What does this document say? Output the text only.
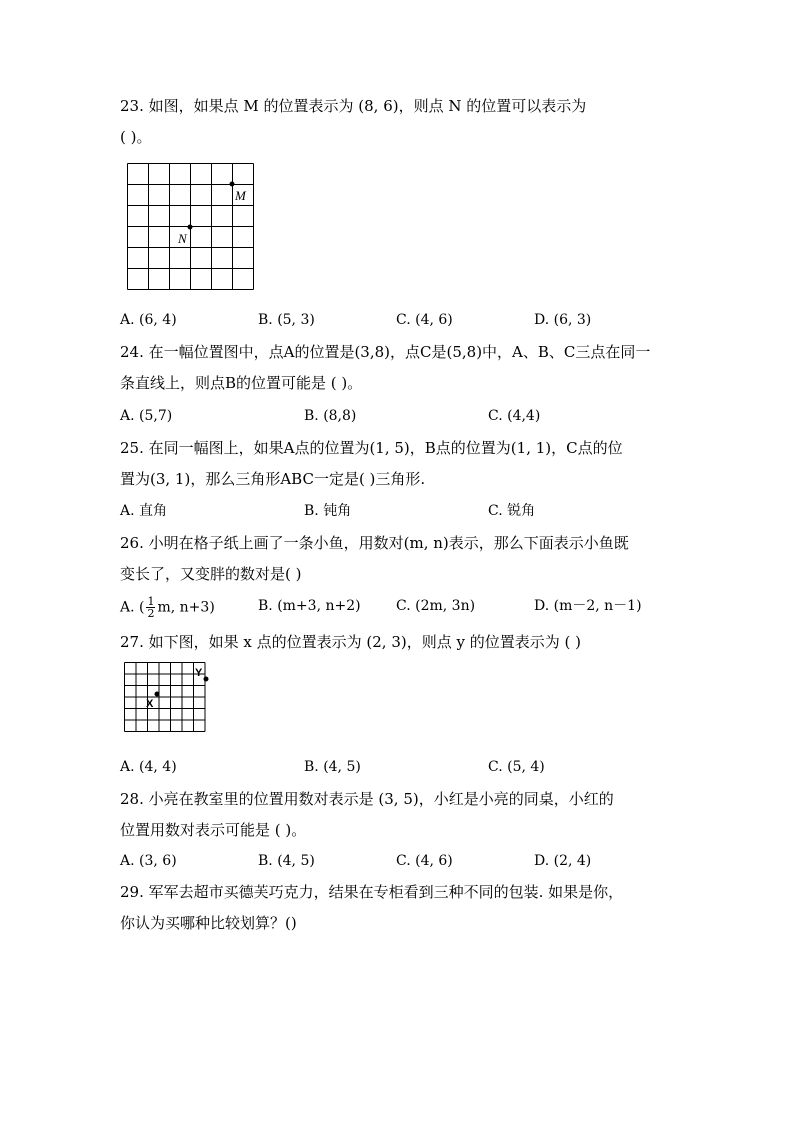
23. 如图，如果点 M 的位置表示为 (8, 6)，则点 N 的位置可以表示为
( )。
M
N
A. (6, 4)	B. (5, 3)	C. (4, 6)	D. (6, 3)
24. 在一幅位置图中，点A的位置是(3,8)，点C是(5,8)中，A、B、C三点在同一
条直线上，则点B的位置可能是 ( )。
A. (5,7)	B. (8,8)	C. (4,4)
25. 在同一幅图上，如果A点的位置为(1, 5)，B点的位置为(1, 1)，C点的位
置为(3, 1)，那么三角形ABC一定是( )三角形.
A. 直角	B. 钝角	C. 锐角
26. 小明在格子纸上画了一条小鱼，用数对(m, n)表示，那么下面表示小鱼既
变长了，又变胖的数对是( )
A. ( $\frac{1}{2} m$, n+3)	B. (m+3, n+2)	C. (2m, 3n)	D. (m－2, n－1)
27. 如下图，如果 x 点的位置表示为 (2, 3)，则点 y 的位置表示为 ( )
X
Y
A. (4, 4)	B. (4, 5)	C. (5, 4)
28. 小亮在教室里的位置用数对表示是 (3, 5)，小红是小亮的同桌，小红的
位置用数对表示可能是 ( )。
A. (3, 6)	B. (4, 5)	C. (4, 6)	D. (2, 4)
29. 军军去超市买德芙巧克力，结果在专柜看到三种不同的包装. 如果是你，
你认为买哪种比较划算？()
